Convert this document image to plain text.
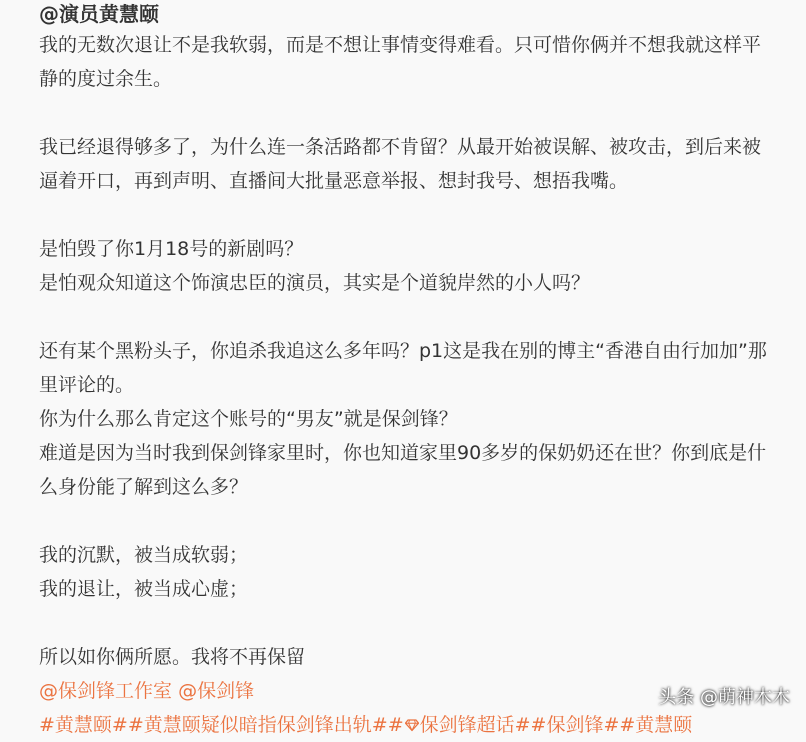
@演员黄慧颐
我的无数次退让不是我软弱，而是不想让事情变得难看。只可惜你俩并不想我就这样平
静的度过余生。
我已经退得够多了，为什么连一条活路都不肯留？从最开始被误解、被攻击，到后来被
逼着开口，再到声明、直播间大批量恶意举报、想封我号、想捂我嘴。
是怕毁了你1月18号的新剧吗？
是怕观众知道这个饰演忠臣的演员，其实是个道貌岸然的小人吗？
还有某个黑粉头子，你追杀我追这么多年吗？p1这是我在别的博主“香港自由行加加”那
里评论的。
你为什么那么肯定这个账号的“男友”就是保剑锋？
难道是因为当时我到保剑锋家里时，你也知道家里90多岁的保奶奶还在世？你到底是什
么身份能了解到这么多？
我的沉默，被当成软弱；
我的退让，被当成心虚；
所以如你俩所愿。我将不再保留
@保剑锋工作室 @保剑锋
#黄慧颐##黄慧颐疑似暗指保剑锋出轨## 保剑锋超话##保剑锋##黄慧颐
头条 @萌神木木
